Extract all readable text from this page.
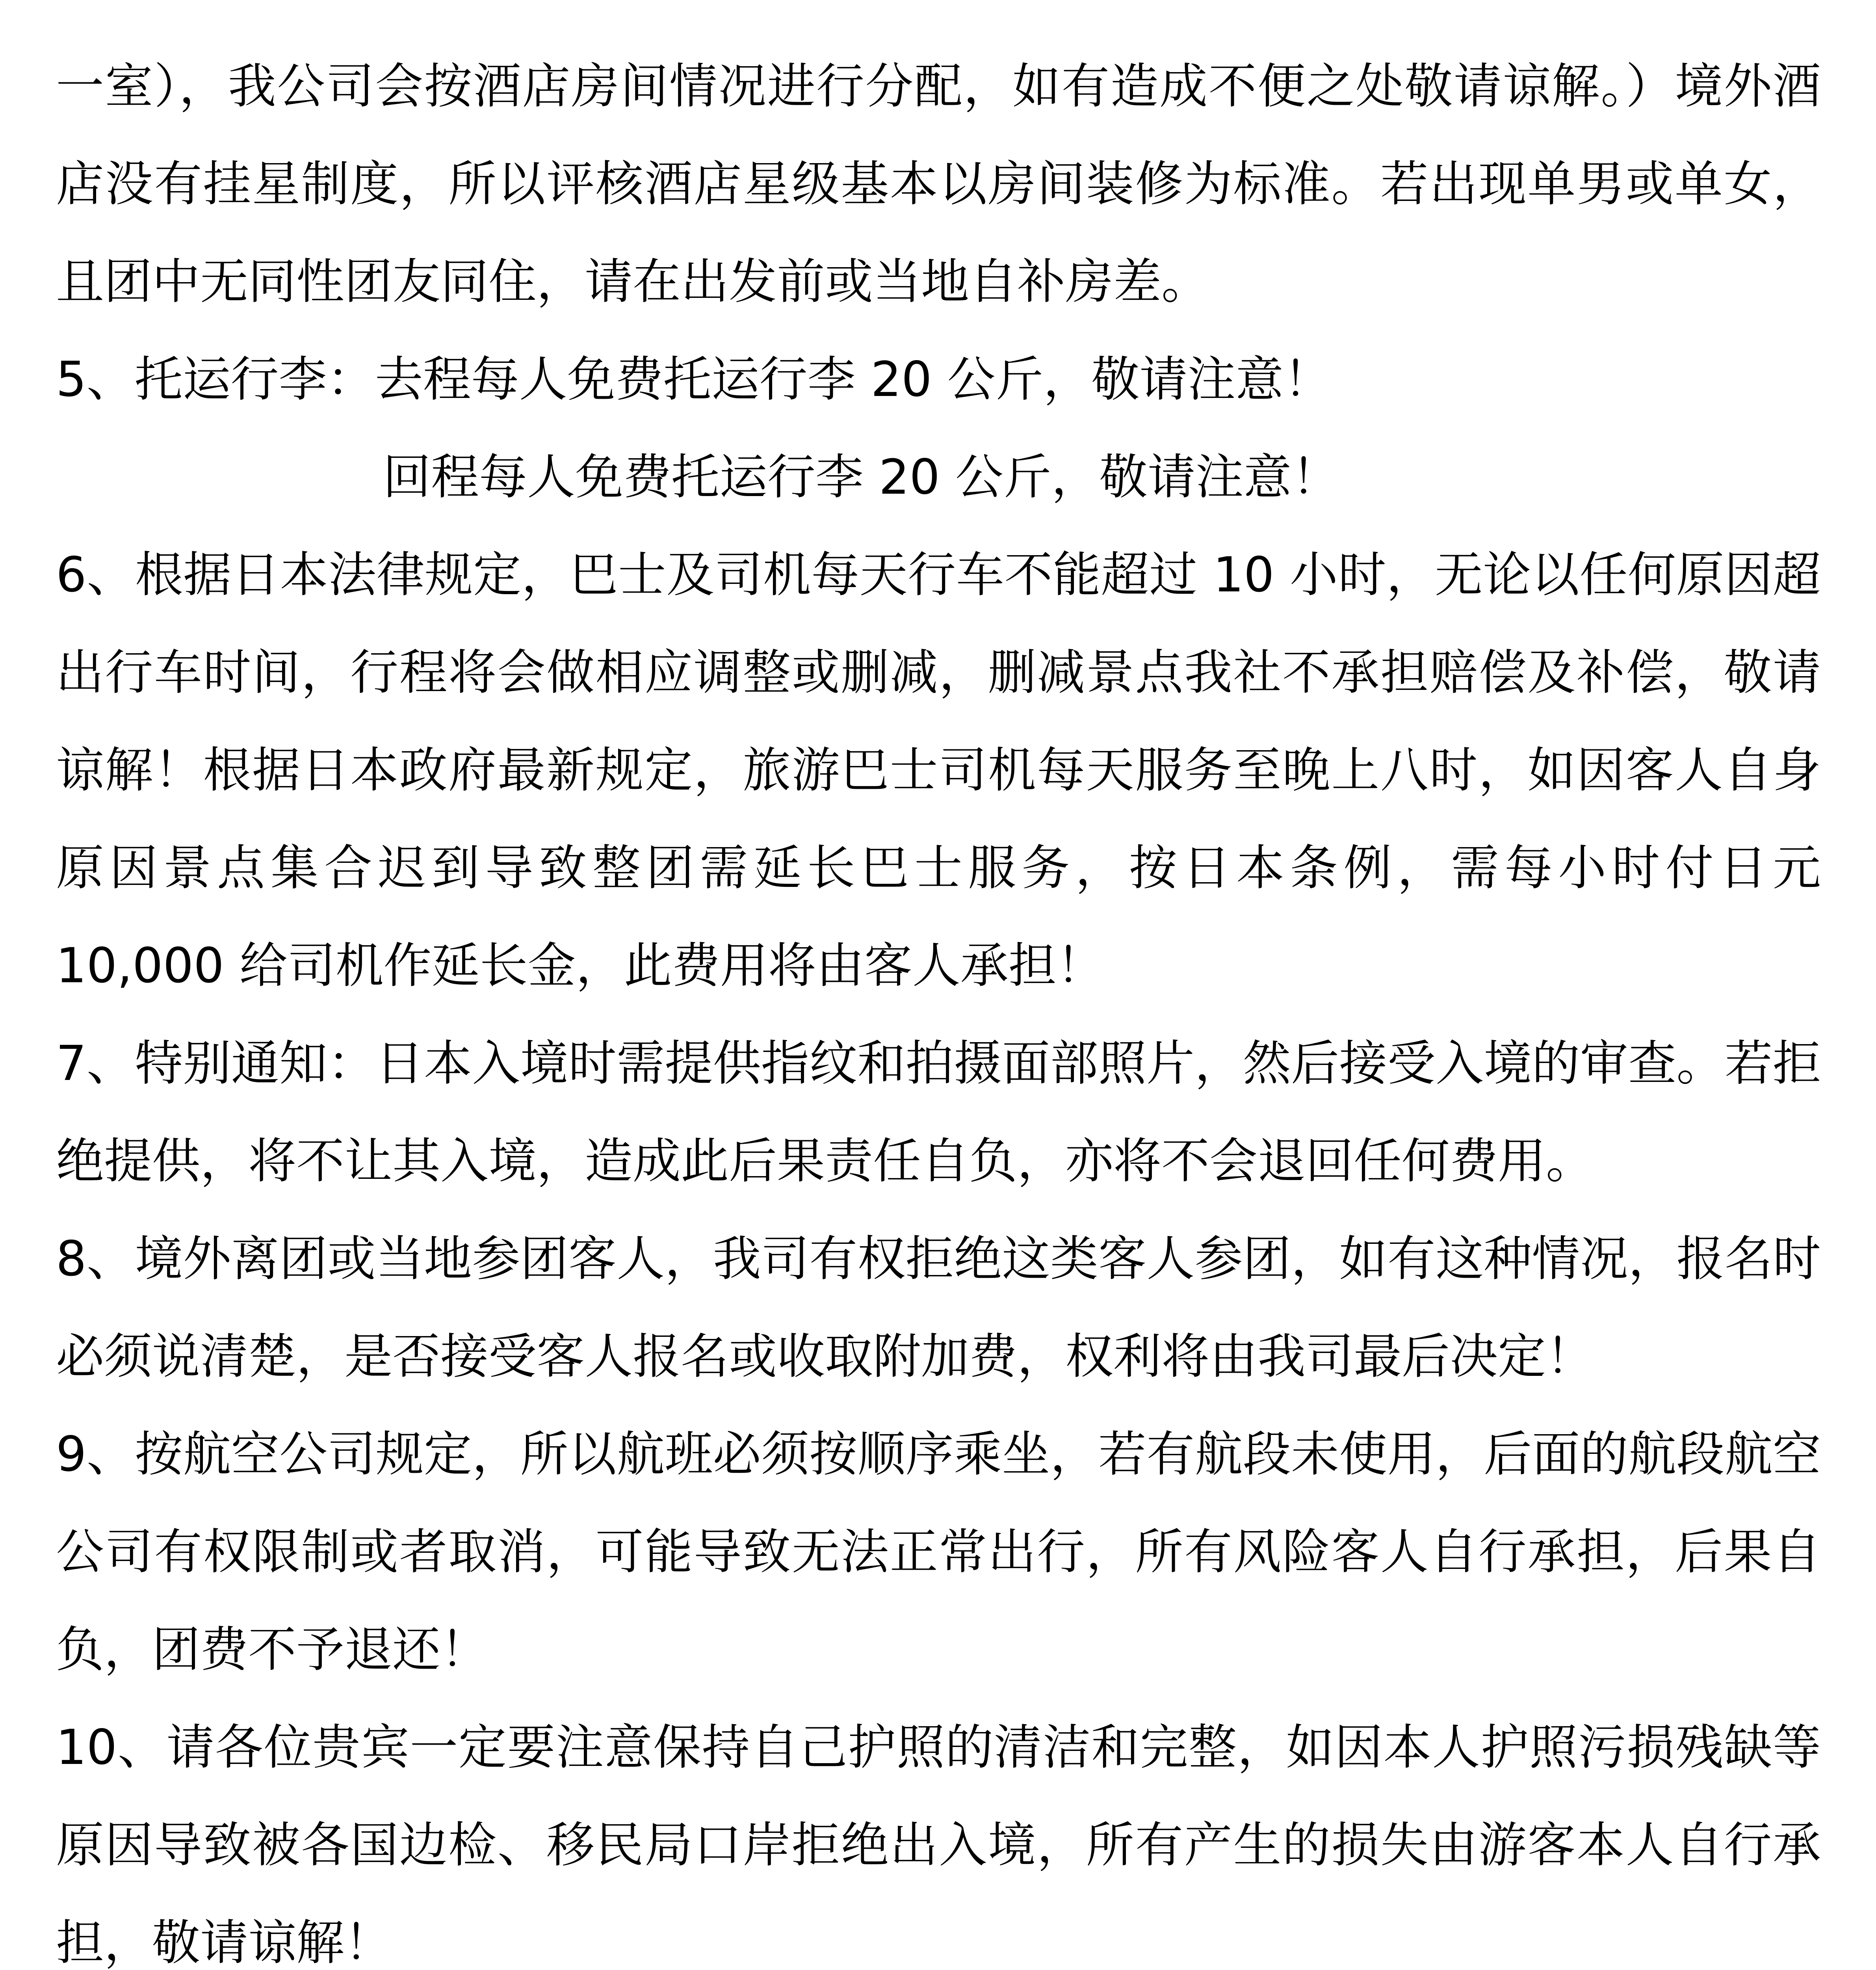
一室），我公司会按酒店房间情况进行分配，如有造成不便之处敬请谅解。）境外酒店没有挂星制度，所以评核酒店星级基本以房间装修为标准。若出现单男或单女，且团中无同性团友同住，请在出发前或当地自补房差。

5、托运行李：去程每人免费托运行李 20 公斤，敬请注意！

回程每人免费托运行李 20 公斤，敬请注意！

6、根据日本法律规定，巴士及司机每天行车不能超过 10 小时，无论以任何原因超出行车时间，行程将会做相应调整或删减，删减景点我社不承担赔偿及补偿，敬请谅解！根据日本政府最新规定，旅游巴士司机每天服务至晚上八时，如因客人自身原因景点集合迟到导致整团需延长巴士服务，按日本条例，需每小时付日元 10,000 给司机作延长金，此费用将由客人承担！

7、特别通知：日本入境时需提供指纹和拍摄面部照片，然后接受入境的审查。若拒绝提供，将不让其入境，造成此后果责任自负，亦将不会退回任何费用。

8、境外离团或当地参团客人，我司有权拒绝这类客人参团，如有这种情况，报名时必须说清楚，是否接受客人报名或收取附加费，权利将由我司最后决定！

9、按航空公司规定，所以航班必须按顺序乘坐，若有航段未使用，后面的航段航空公司有权限制或者取消，可能导致无法正常出行，所有风险客人自行承担，后果自负，团费不予退还！

10、请各位贵宾一定要注意保持自己护照的清洁和完整，如因本人护照污损残缺等原因导致被各国边检、移民局口岸拒绝出入境，所有产生的损失由游客本人自行承担，敬请谅解！
